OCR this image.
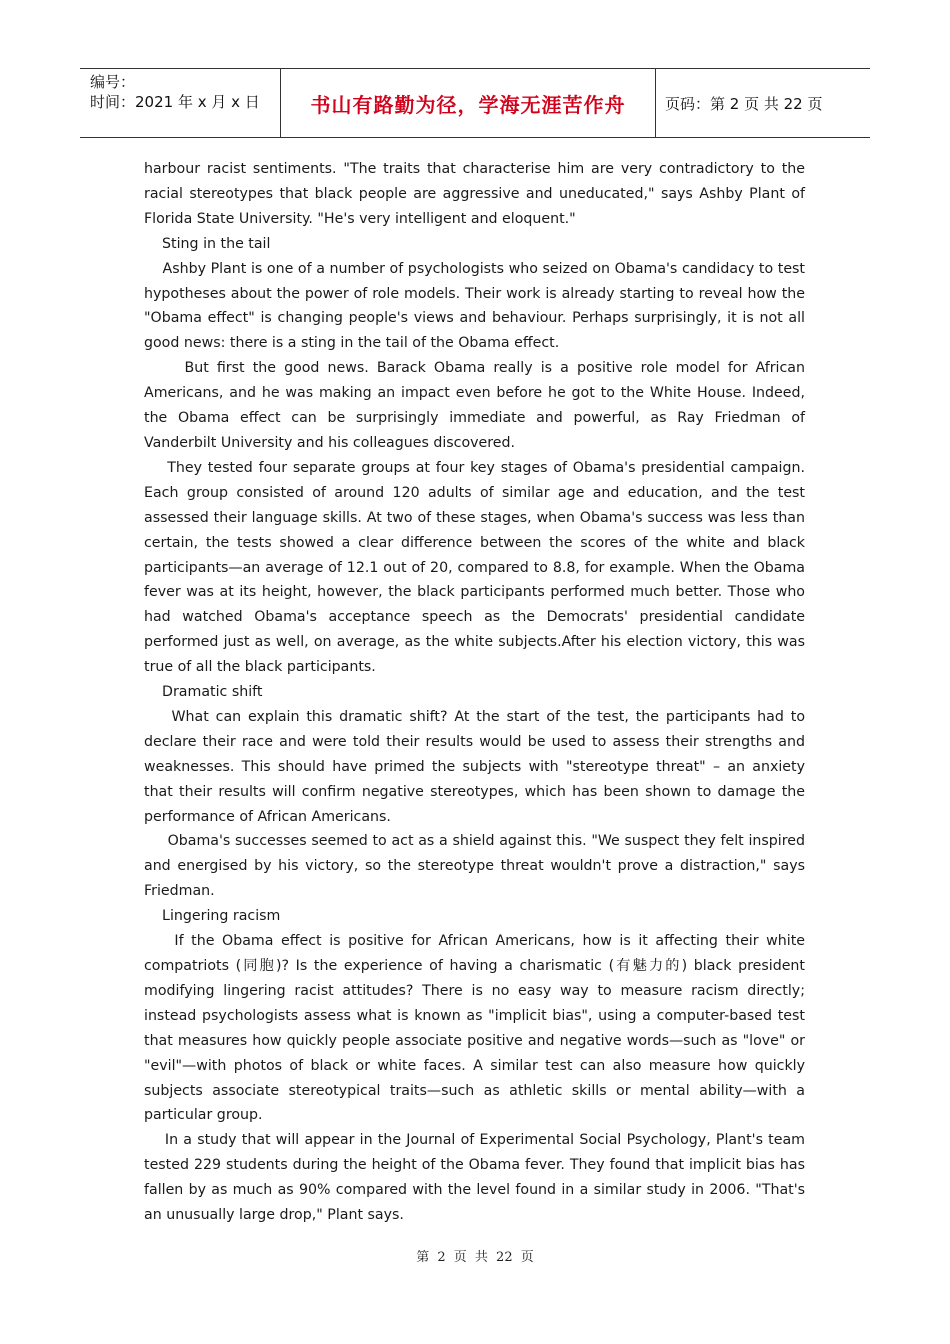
编号：
时间：2021 年 x 月 x 日	书山有路勤为径，学海无涯苦作舟	页码：第 2 页 共 22 页

harbour racist sentiments. "The traits that characterise him are very contradictory to the racial stereotypes that black people are aggressive and uneducated," says Ashby Plant of Florida State University. "He's very intelligent and eloquent."

Sting in the tail

Ashby Plant is one of a number of psychologists who seized on Obama's candidacy to test hypotheses about the power of role models. Their work is already starting to reveal how the "Obama effect" is changing people's views and behaviour. Perhaps surprisingly, it is not all good news: there is a sting in the tail of the Obama effect.

But first the good news. Barack Obama really is a positive role model for African Americans, and he was making an impact even before he got to the White House. Indeed, the Obama effect can be surprisingly immediate and powerful, as Ray Friedman of Vanderbilt University and his colleagues discovered.

They tested four separate groups at four key stages of Obama's presidential campaign. Each group consisted of around 120 adults of similar age and education, and the test assessed their language skills. At two of these stages, when Obama's success was less than certain, the tests showed a clear difference between the scores of the white and black participants—an average of 12.1 out of 20, compared to 8.8, for example. When the Obama fever was at its height, however, the black participants performed much better. Those who had watched Obama's acceptance speech as the Democrats' presidential candidate performed just as well, on average, as the white subjects.After his election victory, this was true of all the black participants.

Dramatic shift

What can explain this dramatic shift? At the start of the test, the participants had to declare their race and were told their results would be used to assess their strengths and weaknesses. This should have primed the subjects with "stereotype threat" – an anxiety that their results will confirm negative stereotypes, which has been shown to damage the performance of African Americans.

Obama's successes seemed to act as a shield against this. "We suspect they felt inspired and energised by his victory, so the stereotype threat wouldn't prove a distraction," says Friedman.

Lingering racism

If the Obama effect is positive for African Americans, how is it affecting their white compatriots (同胞)? Is the experience of having a charismatic (有魅力的) black president modifying lingering racist attitudes? There is no easy way to measure racism directly; instead psychologists assess what is known as "implicit bias", using a computer-based test that measures how quickly people associate positive and negative words—such as "love" or "evil"—with photos of black or white faces. A similar test can also measure how quickly subjects associate stereotypical traits—such as athletic skills or mental ability—with a particular group.

In a study that will appear in the Journal of Experimental Social Psychology, Plant's team tested 229 students during the height of the Obama fever. They found that implicit bias has fallen by as much as 90% compared with the level found in a similar study in 2006. "That's an unusually large drop," Plant says.

第 2 页 共 22 页
